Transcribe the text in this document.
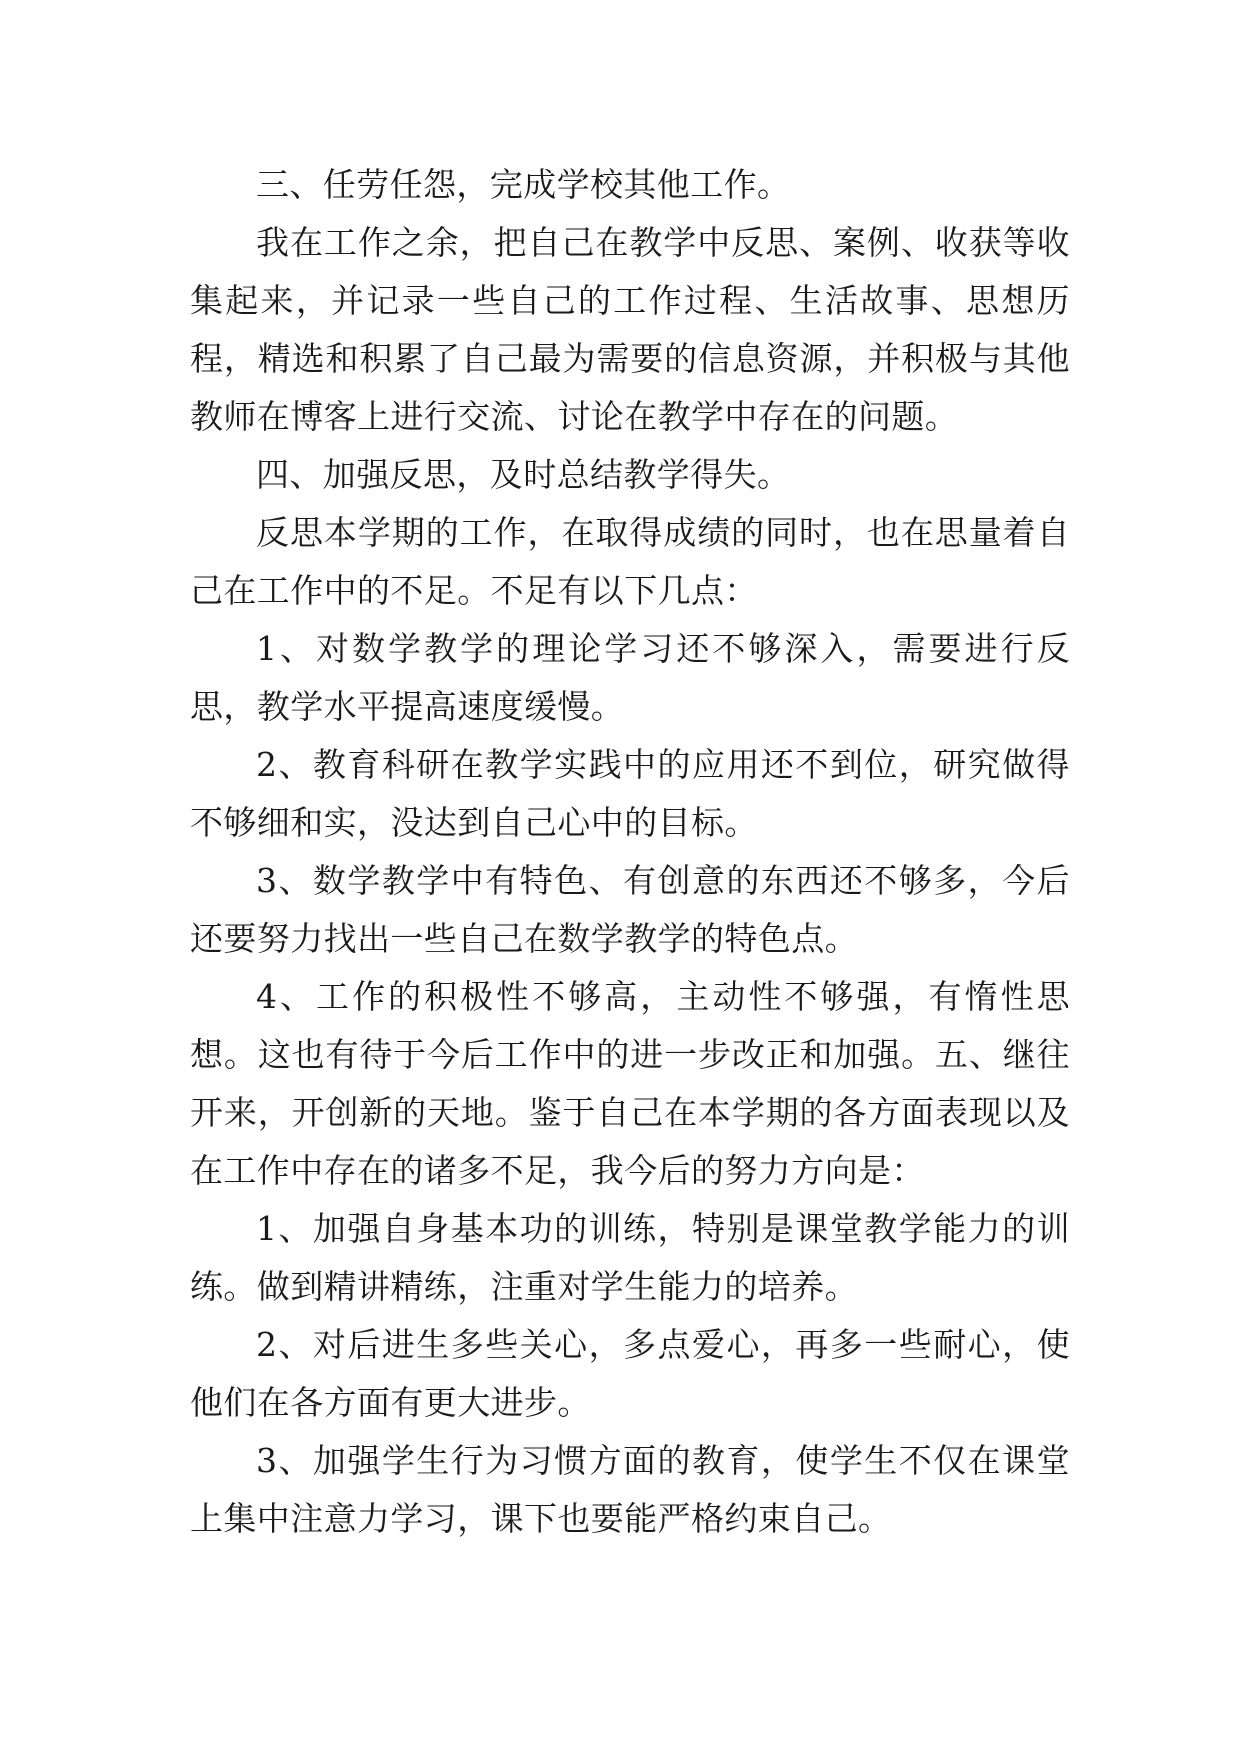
三、任劳任怨，完成学校其他工作。

我在工作之余，把自己在教学中反思、案例、收获等收集起来，并记录一些自己的工作过程、生活故事、思想历程，精选和积累了自己最为需要的信息资源，并积极与其他教师在博客上进行交流、讨论在教学中存在的问题。

四、加强反思，及时总结教学得失。

反思本学期的工作，在取得成绩的同时，也在思量着自己在工作中的不足。不足有以下几点：

1、对数学教学的理论学习还不够深入，需要进行反思，教学水平提高速度缓慢。

2、教育科研在教学实践中的应用还不到位，研究做得不够细和实，没达到自己心中的目标。

3、数学教学中有特色、有创意的东西还不够多，今后还要努力找出一些自己在数学教学的特色点。

4、工作的积极性不够高，主动性不够强，有惰性思想。这也有待于今后工作中的进一步改正和加强。五、继往开来，开创新的天地。鉴于自己在本学期的各方面表现以及在工作中存在的诸多不足，我今后的努力方向是：

1、加强自身基本功的训练，特别是课堂教学能力的训练。做到精讲精练，注重对学生能力的培养。

2、对后进生多些关心，多点爱心，再多一些耐心，使他们在各方面有更大进步。

3、加强学生行为习惯方面的教育，使学生不仅在课堂上集中注意力学习，课下也要能严格约束自己。
